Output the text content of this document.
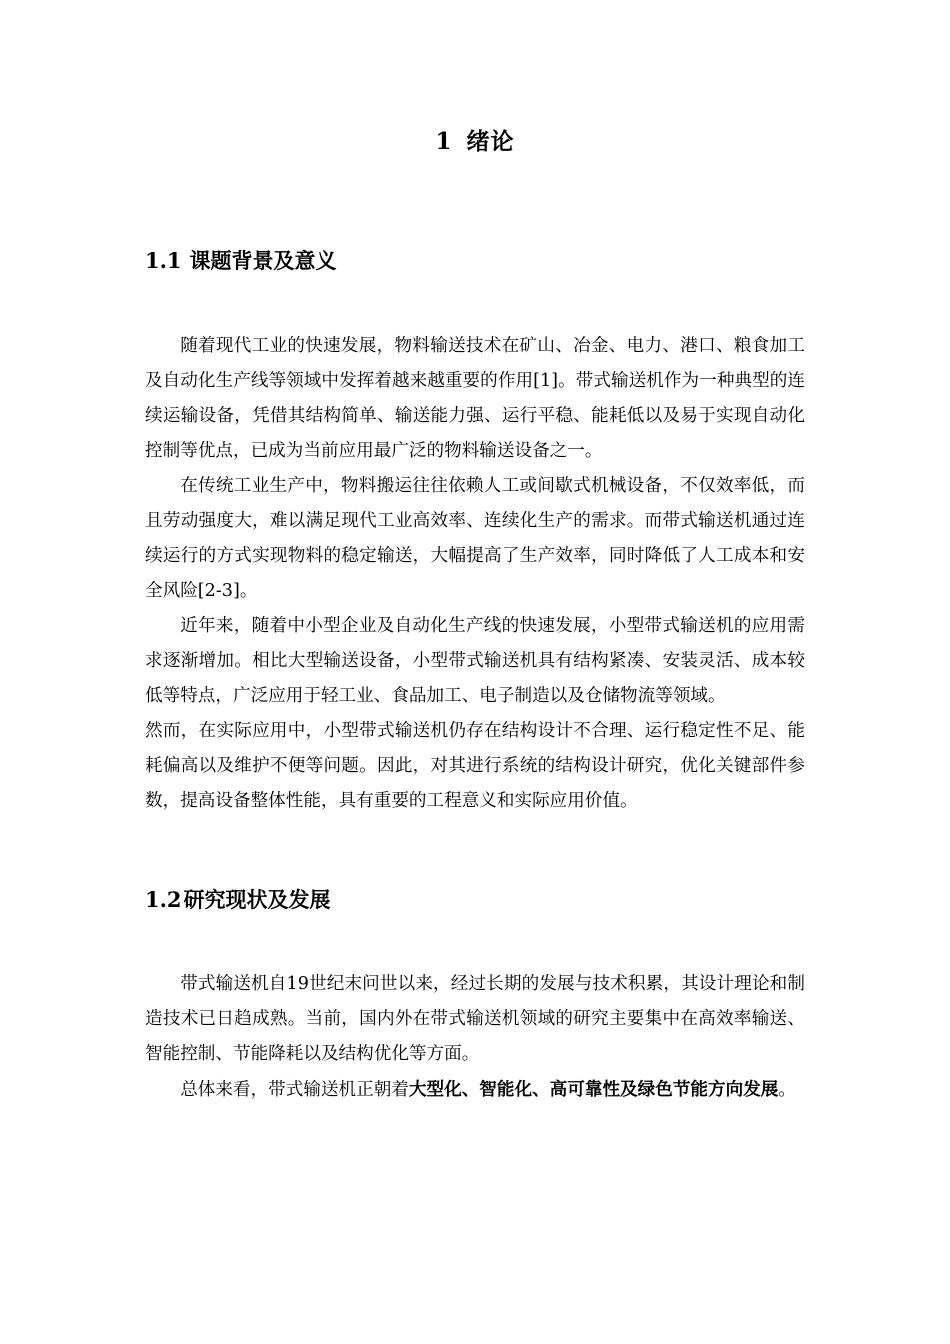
1 绪论
1.1 课题背景及意义

随着现代工业的快速发展，物料输送技术在矿山、冶金、电力、港口、粮食加工及自动化生产线等领域中发挥着越来越重要的作用[1]。带式输送机作为一种典型的连续运输设备，凭借其结构简单、输送能力强、运行平稳、能耗低以及易于实现自动化控制等优点，已成为当前应用最广泛的物料输送设备之一。

在传统工业生产中，物料搬运往往依赖人工或间歇式机械设备，不仅效率低，而且劳动强度大，难以满足现代工业高效率、连续化生产的需求。而带式输送机通过连续运行的方式实现物料的稳定输送，大幅提高了生产效率，同时降低了人工成本和安全风险[2-3]。

近年来，随着中小型企业及自动化生产线的快速发展，小型带式输送机的应用需求逐渐增加。相比大型输送设备，小型带式输送机具有结构紧凑、安装灵活、成本较低等特点，广泛应用于轻工业、食品加工、电子制造以及仓储物流等领域。

然而，在实际应用中，小型带式输送机仍存在结构设计不合理、运行稳定性不足、能耗偏高以及维护不便等问题。因此，对其进行系统的结构设计研究，优化关键部件参数，提高设备整体性能，具有重要的工程意义和实际应用价值。

1.2研究现状及发展

带式输送机自19世纪末问世以来，经过长期的发展与技术积累，其设计理论和制造技术已日趋成熟。当前，国内外在带式输送机领域的研究主要集中在高效率输送、智能控制、节能降耗以及结构优化等方面。

总体来看，带式输送机正朝着大型化、智能化、高可靠性及绿色节能方向发展。
